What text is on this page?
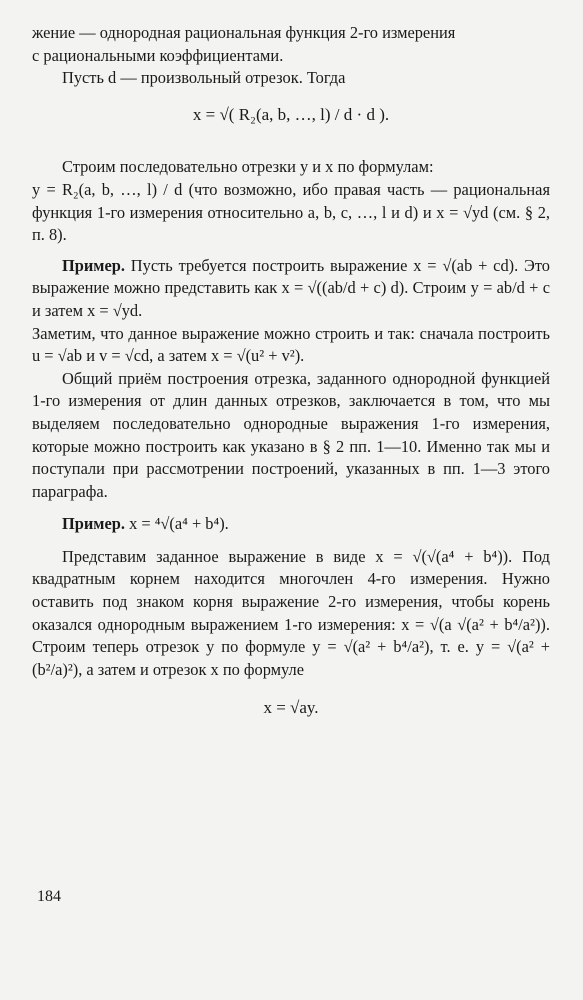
жение — однородная рациональная функция 2-го измерения

с рациональными коэффициентами.

Пусть d — произвольный отрезок. Тогда

x = √( R₂(a, b, …, l) / d · d ).

Строим последовательно отрезки y и x по формулам:

y = R₂(a, b, …, l) / d (что возможно, ибо правая часть — рациональная функция 1-го измерения относительно a, b, c, …, l и d) и x = √yd (см. § 2, п. 8).

Пример. Пусть требуется построить выражение x = √(ab + cd). Это выражение можно представить как x = √((ab/d + c) d). Строим y = ab/d + c и затем x = √yd.

Заметим, что данное выражение можно строить и так: сначала построить u = √ab и v = √cd, а затем x = √(u² + v²).

Общий приём построения отрезка, заданного однородной функцией 1-го измерения от длин данных отрезков, заключается в том, что мы выделяем последовательно однородные выражения 1-го измерения, которые можно построить как указано в § 2 пп. 1—10. Именно так мы и поступали при рассмотрении построений, указанных в пп. 1—3 этого параграфа.

Пример. x = ⁴√(a⁴ + b⁴).

Представим заданное выражение в виде x = √(√(a⁴ + b⁴)). Под квадратным корнем находится многочлен 4-го измерения. Нужно оставить под знаком корня выражение 2-го измерения, чтобы корень оказался однородным выражением 1-го измерения: x = √(a √(a² + b⁴/a²)). Строим теперь отрезок y по формуле y = √(a² + b⁴/a²), т. е. y = √(a² + (b²/a)²), а затем и отрезок x по формуле

x = √ay.

184
